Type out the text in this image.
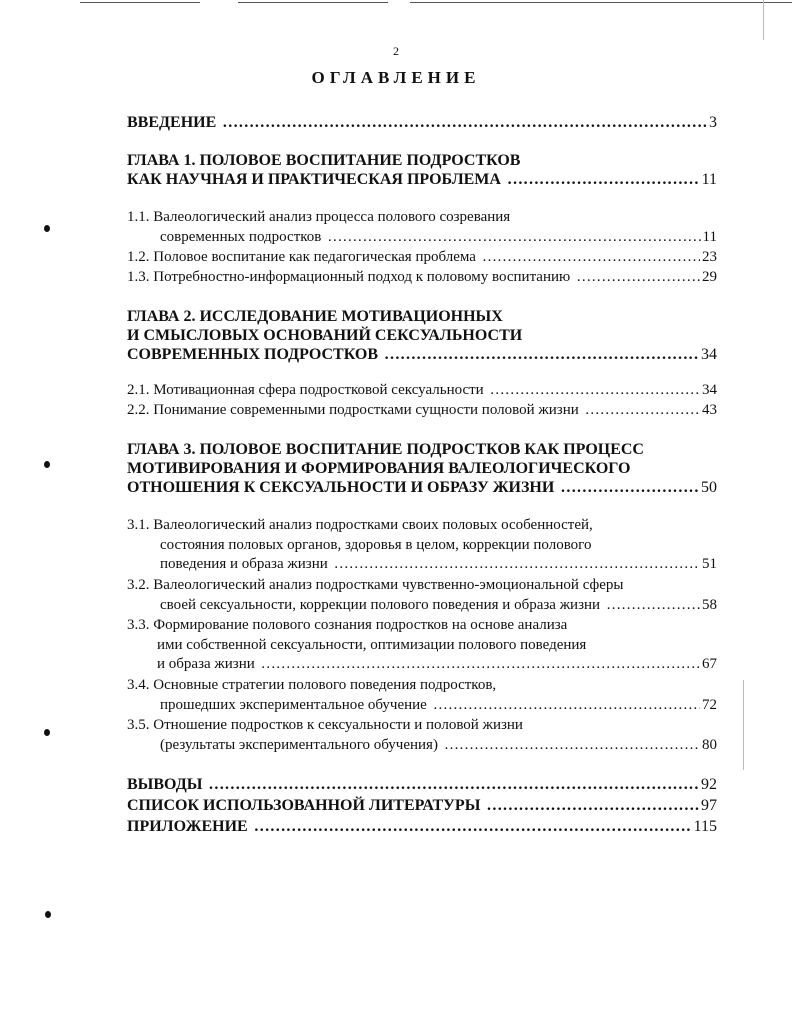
2
ОГЛАВЛЕНИЕ
ВВЕДЕНИЕ …………………………………………………………………………………………………………………………………………………………………………………	3
ГЛАВА 1. ПОЛОВОЕ ВОСПИТАНИЕ ПОДРОСТКОВ
КАК НАУЧНАЯ И ПРАКТИЧЕСКАЯ ПРОБЛЕМА …………………………………………………………………………………………………………………………………………………………………………………	11
1.1. Валеологический анализ процесса полового созревания
современных подростков …………………………………………………………………………………………………………………………………………………………………………………	11
1.2. Половое воспитание как педагогическая проблема …………………………………………………………………………………………………………………………………………………………………………………	23
1.3. Потребностно-информационный подход к половому воспитанию …………………………………………………………………………………………………………………………………………………………………………………	29
ГЛАВА 2. ИССЛЕДОВАНИЕ МОТИВАЦИОННЫХ
И СМЫСЛОВЫХ ОСНОВАНИЙ СЕКСУАЛЬНОСТИ
СОВРЕМЕННЫХ ПОДРОСТКОВ …………………………………………………………………………………………………………………………………………………………………………………	34
2.1. Мотивационная сфера подростковой сексуальности …………………………………………………………………………………………………………………………………………………………………………………	34
2.2. Понимание современными подростками сущности половой жизни …………………………………………………………………………………………………………………………………………………………………………………	43
ГЛАВА 3. ПОЛОВОЕ ВОСПИТАНИЕ ПОДРОСТКОВ КАК ПРОЦЕСС
МОТИВИРОВАНИЯ И ФОРМИРОВАНИЯ ВАЛЕОЛОГИЧЕСКОГО
ОТНОШЕНИЯ К СЕКСУАЛЬНОСТИ И ОБРАЗУ ЖИЗНИ …………………………………………………………………………………………………………………………………………………………………………………	50
3.1. Валеологический анализ подростками своих половых особенностей,
состояния половых органов, здоровья в целом, коррекции полового
поведения и образа жизни …………………………………………………………………………………………………………………………………………………………………………………	51
3.2. Валеологический анализ подростками чувственно-эмоциональной сферы
своей сексуальности, коррекции полового поведения и образа жизни …………………………………………………………………………………………………………………………………………………………………………………	58
3.3. Формирование полового сознания подростков на основе анализа
ими собственной сексуальности, оптимизации полового поведения
и образа жизни …………………………………………………………………………………………………………………………………………………………………………………	67
3.4. Основные стратегии полового поведения подростков,
прошедших экспериментальное обучение …………………………………………………………………………………………………………………………………………………………………………………	72
3.5. Отношение подростков к сексуальности и половой жизни
(результаты экспериментального обучения) …………………………………………………………………………………………………………………………………………………………………………………	80
ВЫВОДЫ …………………………………………………………………………………………………………………………………………………………………………………	92
СПИСОК ИСПОЛЬЗОВАННОЙ ЛИТЕРАТУРЫ …………………………………………………………………………………………………………………………………………………………………………………	97
ПРИЛОЖЕНИЕ …………………………………………………………………………………………………………………………………………………………………………………	115
